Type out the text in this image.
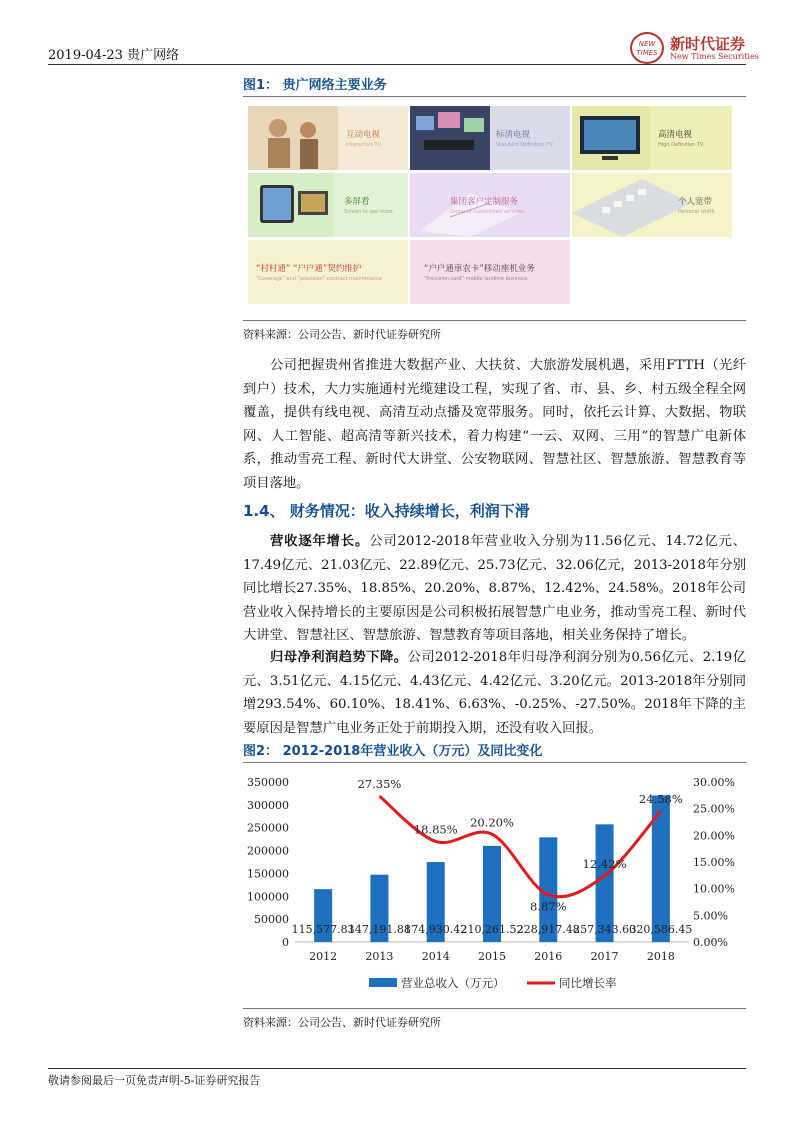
2019-04-23 贵广网络
NEW TIMES 新时代证券
New Times Securities
图1： 贵广网络主要业务
互动电视
Interactive TV
标清电视
Standard Definition TV
高清电视
High Definition TV
多屏看
Screen to see more
集团客户定制服务
Group of customized services
个人宽带
Personal width
“村村通” “户户通”契约维护
“Coverage” and “provision” contract maintenance
“户户通車农卡”移动座机业务
“Provision card” mobile landline business
资料来源：公司公告、新时代证券研究所
公司把握贵州省推进大数据产业、大扶贫、大旅游发展机遇，采用FTTH（光纤到户）技术，大力实施通村光缆建设工程，实现了省、市、县、乡、村五级全程全网覆盖，提供有线电视、高清互动点播及宽带服务。同时，依托云计算、大数据、物联网、人工智能、超高清等新兴技术，着力构建“一云、双网、三用”的智慧广电新体系，推动雪亮工程、新时代大讲堂、公安物联网、智慧社区、智慧旅游、智慧教育等项目落地。
1.4、 财务情况：收入持续增长，利润下滑
营收逐年增长。公司2012-2018年营业收入分别为11.56亿元、14.72亿元、17.49亿元、21.03亿元、22.89亿元、25.73亿元、32.06亿元，2013-2018年分别同比增长27.35%、18.85%、20.20%、8.87%、12.42%、24.58%。2018年公司营业收入保持增长的主要原因是公司积极拓展智慧广电业务，推动雪亮工程、新时代大讲堂、智慧社区、智慧旅游、智慧教育等项目落地，相关业务保持了增长。
归母净利润趋势下降。公司2012-2018年归母净利润分别为0.56亿元、2.19亿元、3.51亿元、4.15亿元、4.43亿元、4.42亿元、3.20亿元。2013-2018年分别同增293.54%、60.10%、18.41%、6.63%、-0.25%、-27.50%。2018年下降的主要原因是智慧广电业务正处于前期投入期，还没有收入回报。
图2： 2012-2018年营业收入（万元）及同比变化
0
50000
100000
150000
200000
250000
300000
350000
0.00%
5.00%
10.00%
15.00%
20.00%
25.00%
30.00%
27.35%
18.85%
20.20%
8.87%
12.42%
24.58%
115,577.83
147,191.88
174,930.42
210,261.52
228,917.48
257,343.60
320,586.45
2012	2013	2014	2015	2016	2017	2018
营业总收入（万元）	同比增长率
资料来源：公司公告、新时代证券研究所
敬请参阅最后一页免责声明-5-证券研究报告
